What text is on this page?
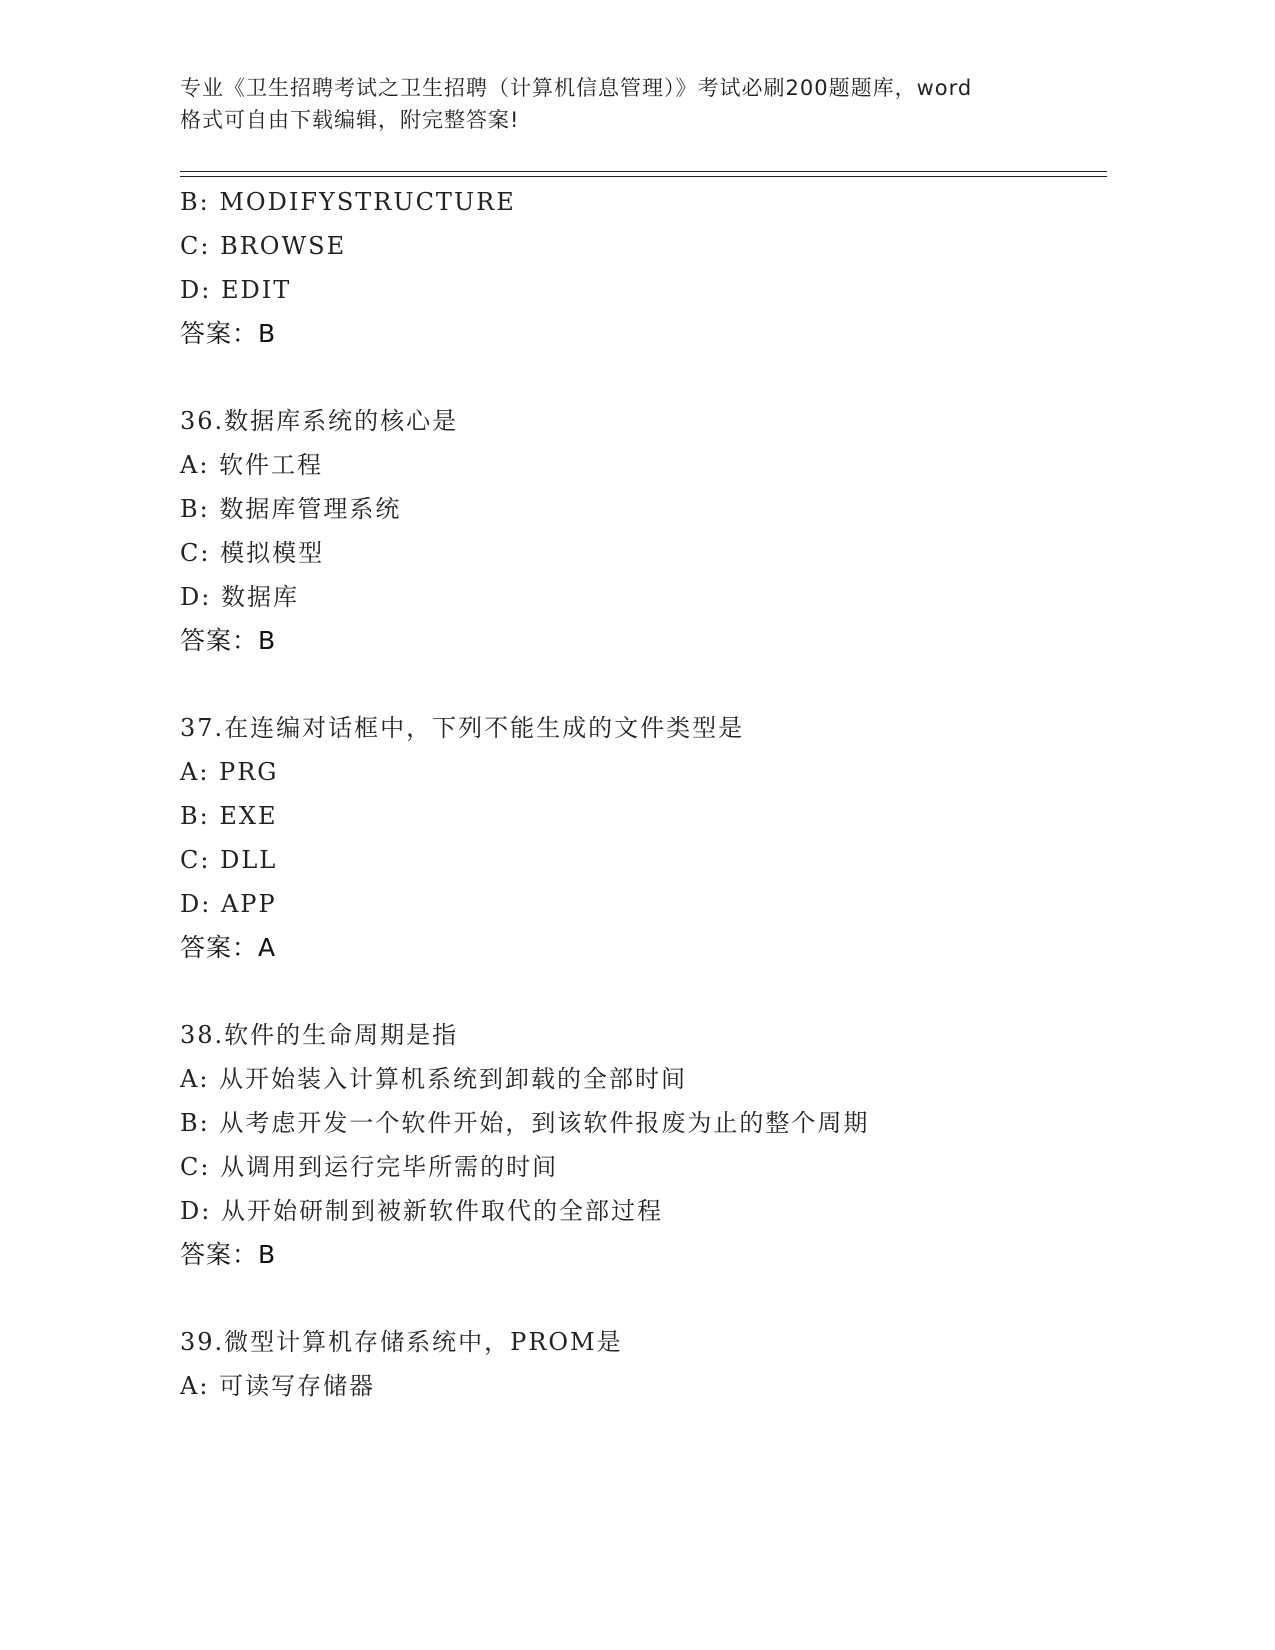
专业《卫生招聘考试之卫生招聘（计算机信息管理）》考试必刷200题题库，word
格式可自由下载编辑，附完整答案!
B: MODIFYSTRUCTURE
C: BROWSE
D: EDIT
答案：B
36.数据库系统的核心是
A: 软件工程
B: 数据库管理系统
C: 模拟模型
D: 数据库
答案：B
37.在连编对话框中，下列不能生成的文件类型是
A: PRG
B: EXE
C: DLL
D: APP
答案：A
38.软件的生命周期是指
A: 从开始装入计算机系统到卸载的全部时间
B: 从考虑开发一个软件开始，到该软件报废为止的整个周期
C: 从调用到运行完毕所需的时间
D: 从开始研制到被新软件取代的全部过程
答案：B
39.微型计算机存储系统中，PROM是
A: 可读写存储器
